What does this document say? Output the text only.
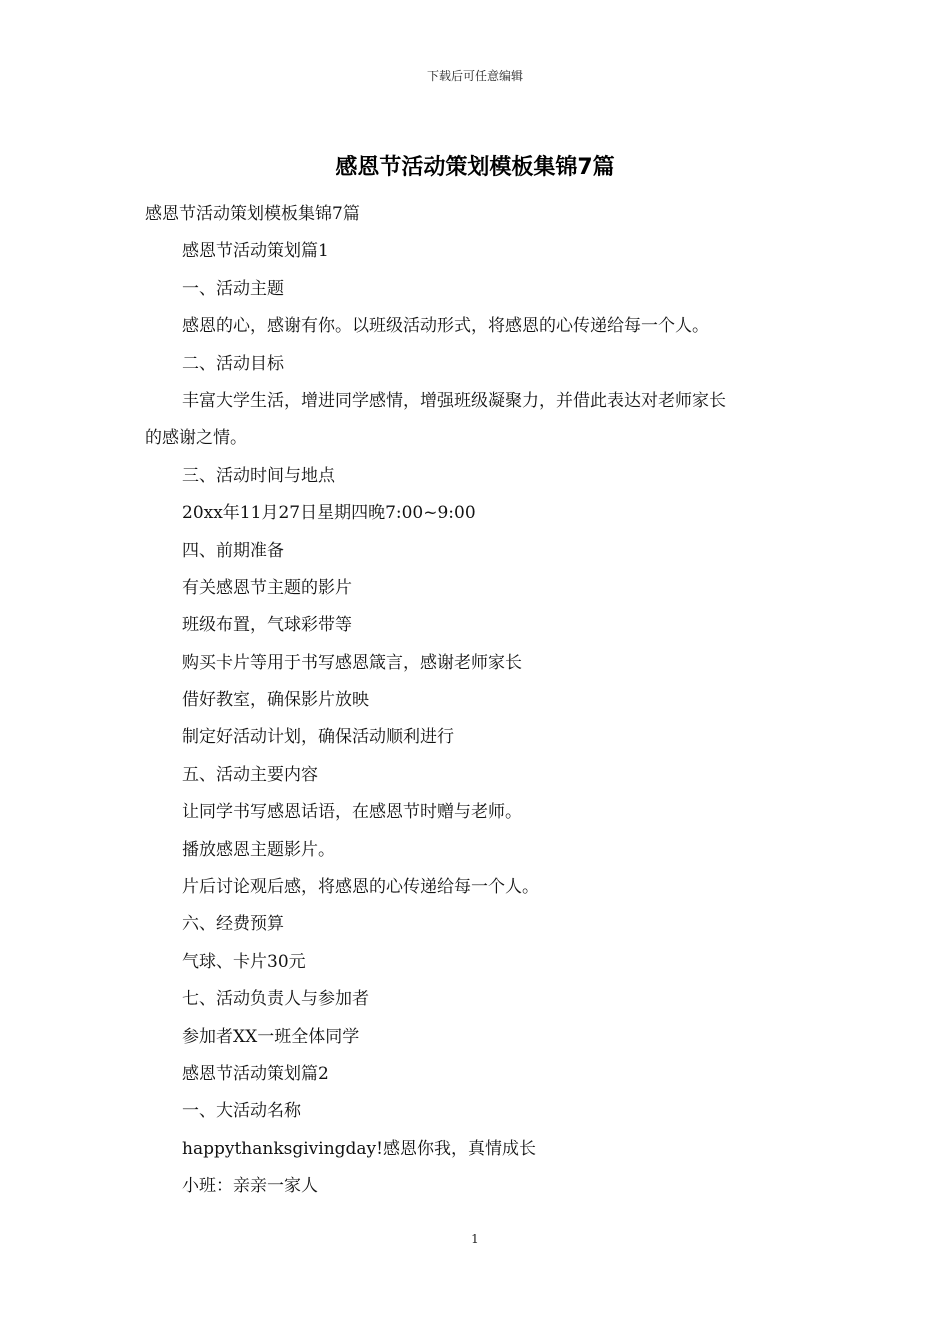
下载后可任意编辑
感恩节活动策划模板集锦7篇
感恩节活动策划模板集锦7篇
感恩节活动策划篇1
一、活动主题
感恩的心，感谢有你。以班级活动形式，将感恩的心传递给每一个人。
二、活动目标
丰富大学生活，增进同学感情，增强班级凝聚力，并借此表达对老师家长
的感谢之情。
三、活动时间与地点
20xx年11月27日星期四晚7:00~9:00
四、前期准备
有关感恩节主题的影片
班级布置，气球彩带等
购买卡片等用于书写感恩箴言，感谢老师家长
借好教室，确保影片放映
制定好活动计划，确保活动顺利进行
五、活动主要内容
让同学书写感恩话语，在感恩节时赠与老师。
播放感恩主题影片。
片后讨论观后感，将感恩的心传递给每一个人。
六、经费预算
气球、卡片30元
七、活动负责人与参加者
参加者XX一班全体同学
感恩节活动策划篇2
一、大活动名称
happythanksgivingday!感恩你我，真情成长
小班：亲亲一家人
1
